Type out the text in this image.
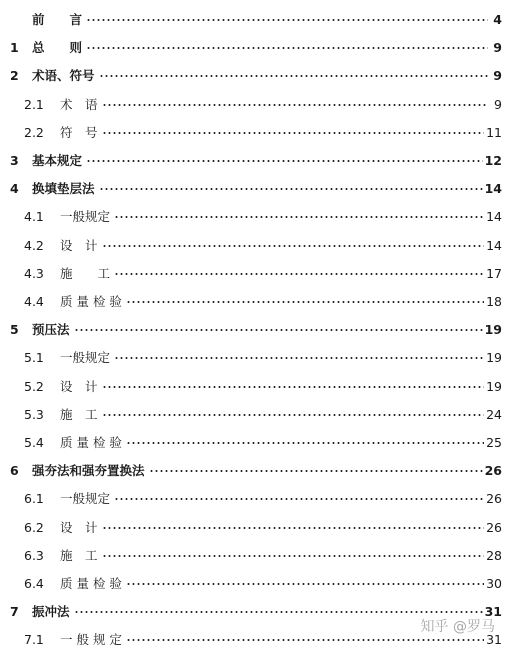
前　　言	4
1	总　　则	9
2	术语、符号	9
2.1	术　语	9
2.2	符　号	11
3	基本规定	12
4	换填垫层法	14
4.1	一般规定	14
4.2	设　计	14
4.3	施　　工	17
4.4	质 量 检 验	18
5	预压法	19
5.1	一般规定	19
5.2	设　计	19
5.3	施　工	24
5.4	质 量 检 验	25
6	强夯法和强夯置换法	26
6.1	一般规定	26
6.2	设　计	26
6.3	施　工	28
6.4	质 量 检 验	30
7	振冲法	31
7.1	一 般 规 定	31
知乎 @罗马
